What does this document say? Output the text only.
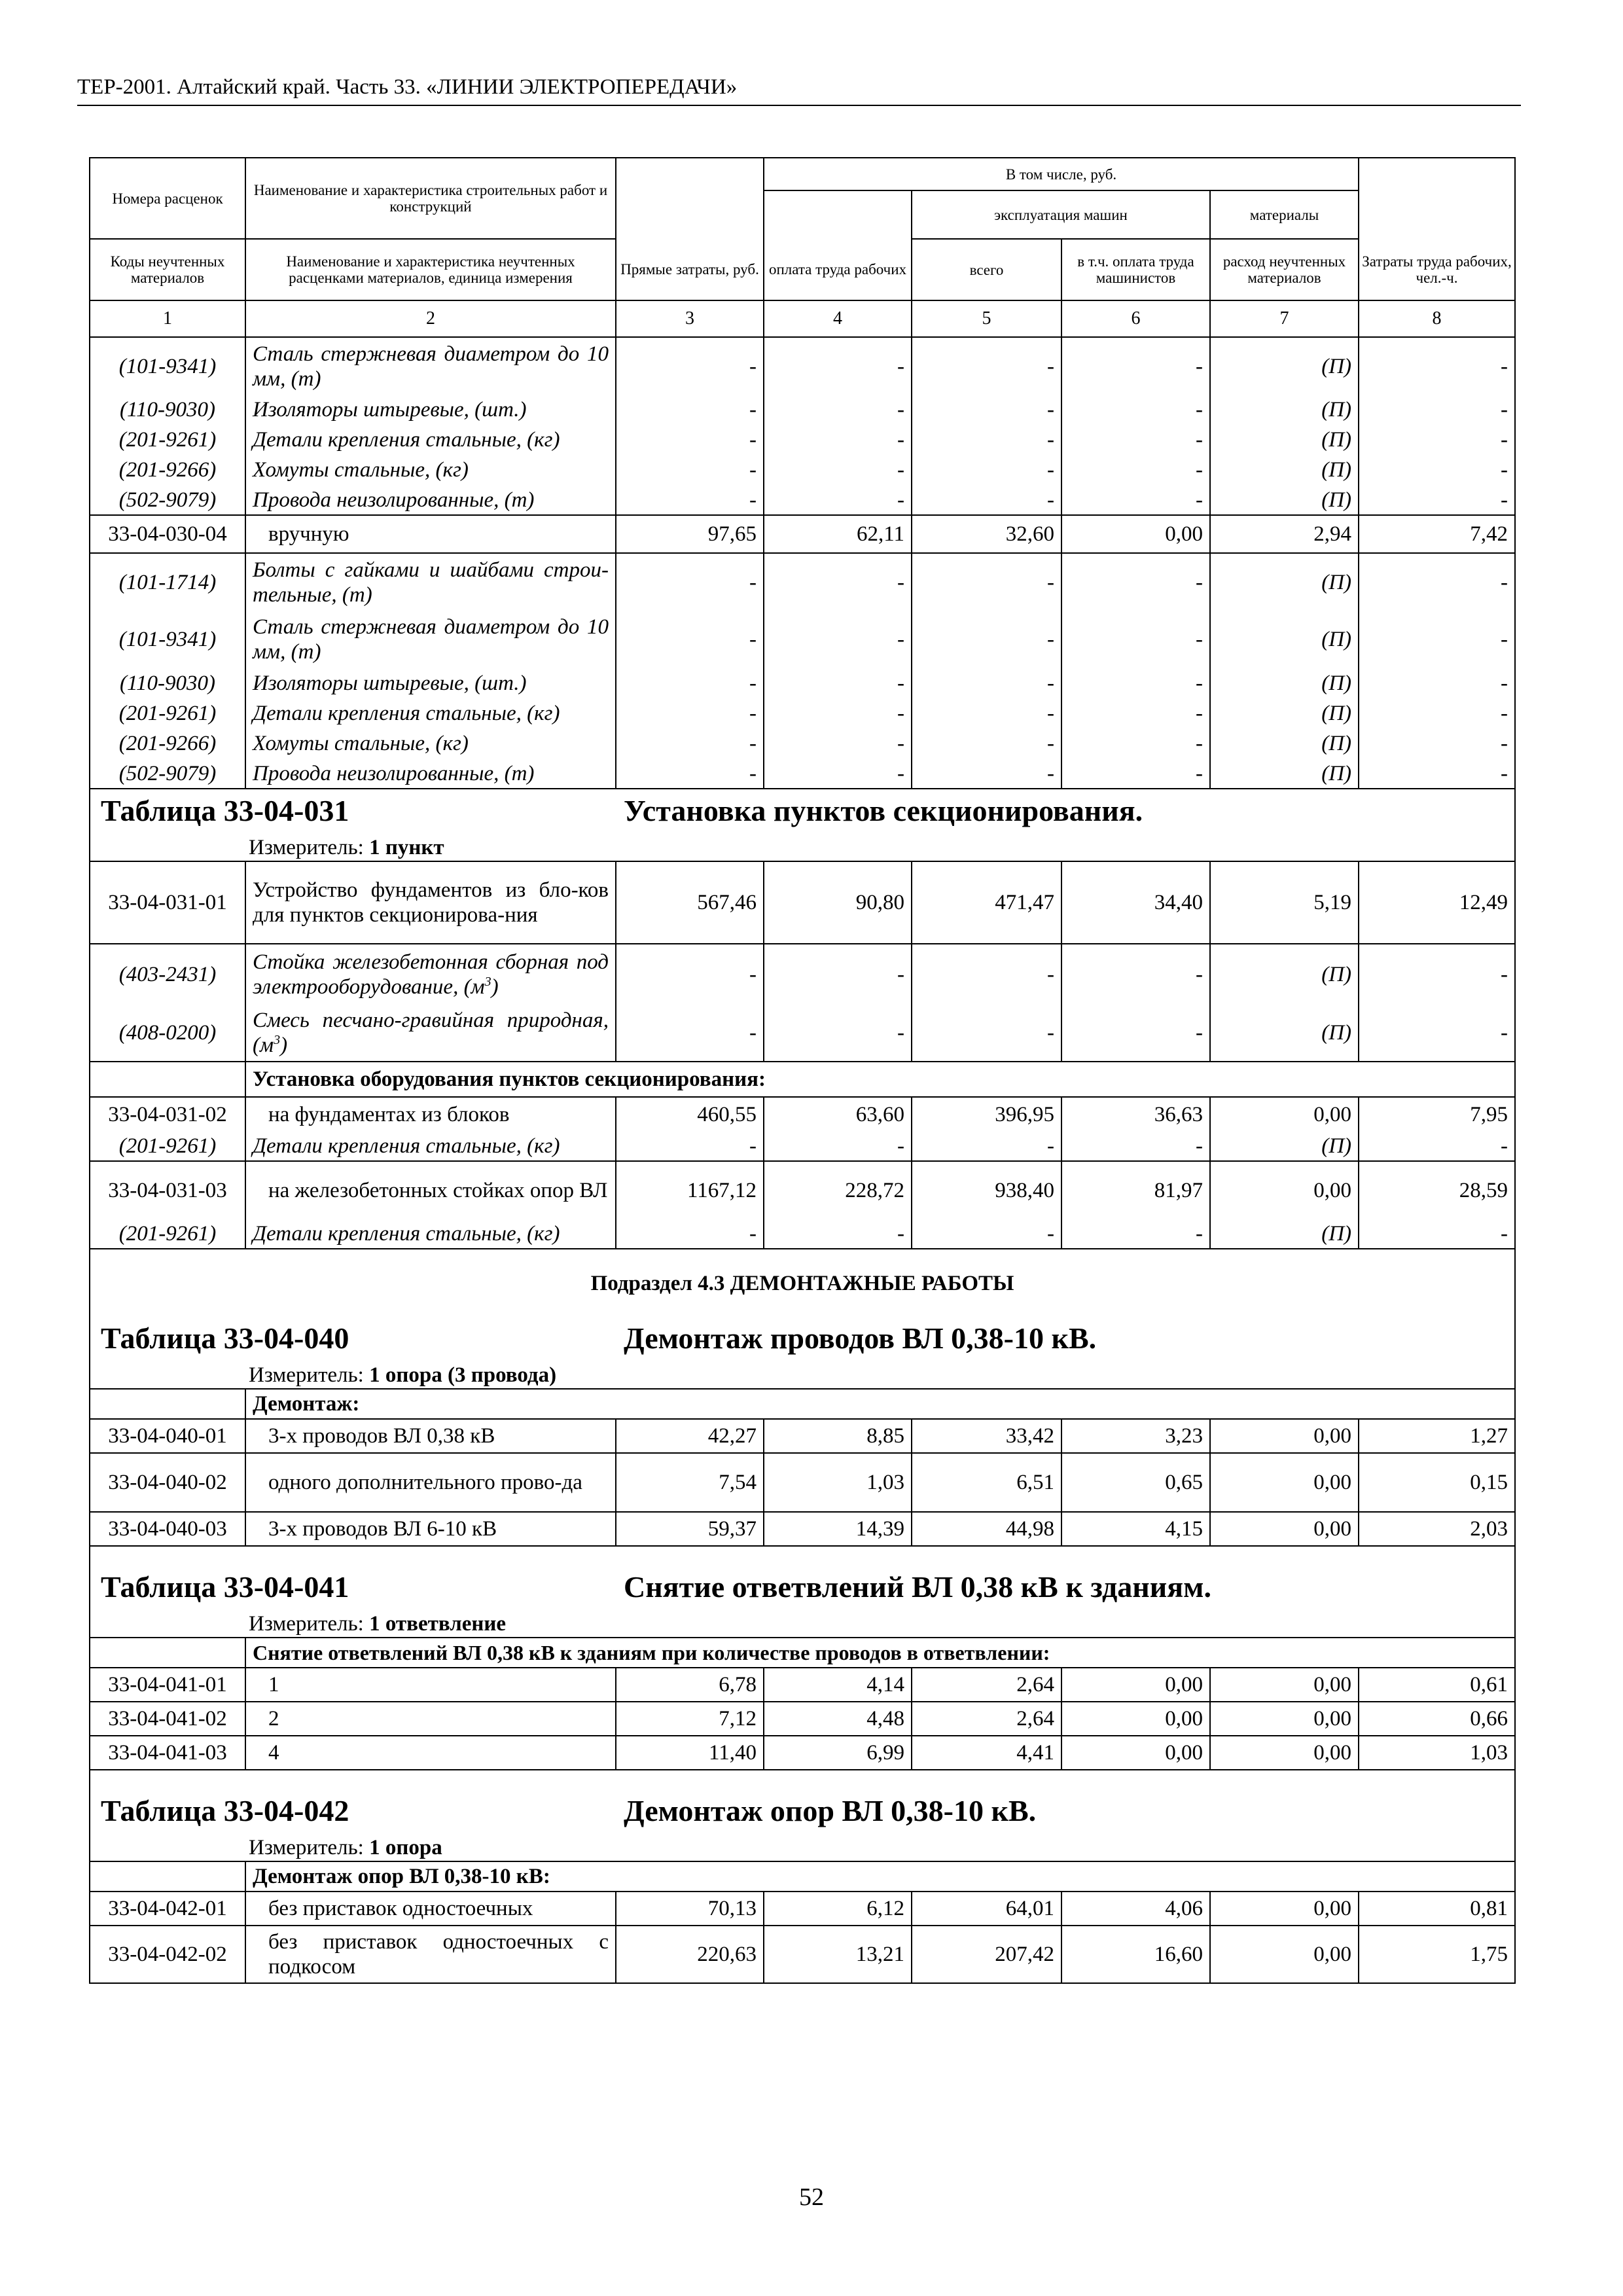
ТЕР-2001. Алтайский край. Часть 33. «ЛИНИИ ЭЛЕКТРОПЕРЕДАЧИ»
Номера расценок	Наименование и характеристика строительных работ и конструкций		В том числе, руб.				
				эксплуатация машин		материалы	
Коды неучтенных материалов	Наименование и характеристика неучтенных расценками материалов, единица измерения	Прямые затраты, руб.	оплата труда рабочих	всего	в т.ч. оплата труда машинистов	расход неучтенных материалов	Затраты труда рабочих, чел.-ч.
1	2	3	4	5	6	7	8
(101-9341)	Сталь стержневая диаметром до 10 мм, (т)	-	-	-	-	(П)	-
(110-9030)	Изоляторы штыревые, (шт.)	-	-	-	-	(П)	-
(201-9261)	Детали крепления стальные, (кг)	-	-	-	-	(П)	-
(201-9266)	Хомуты стальные, (кг)	-	-	-	-	(П)	-
(502-9079)	Провода неизолированные, (т)	-	-	-	-	(П)	-
33-04-030-04	вручную	97,65	62,11	32,60	0,00	2,94	7,42
(101-1714)	Болты с гайками и шайбами строи-тельные, (т)	-	-	-	-	(П)	-
(101-9341)	Сталь стержневая диаметром до 10 мм, (т)	-	-	-	-	(П)	-
(110-9030)	Изоляторы штыревые, (шт.)	-	-	-	-	(П)	-
(201-9261)	Детали крепления стальные, (кг)	-	-	-	-	(П)	-
(201-9266)	Хомуты стальные, (кг)	-	-	-	-	(П)	-
(502-9079)	Провода неизолированные, (т)	-	-	-	-	(П)	-

Таблица 33-04-031 Установка пунктов секционирования.							

Измеритель: 1 пункт							
33-04-031-01	Устройство фундаментов из бло-ков для пунктов секционирова-ния	567,46	90,80	471,47	34,40	5,19	12,49
(403-2431)	Стойка железобетонная сборная под электрооборудование, $(м^3)$	-	-	-	-	(П)	-
(408-0200)	Смесь песчано-гравийная природная, $(м^3)$	-	-	-	-	(П)	-
	Установка оборудования пунктов секционирования:						
33-04-031-02	на фундаментах из блоков	460,55	63,60	396,95	36,63	0,00	7,95
(201-9261)	Детали крепления стальные, (кг)	-	-	-	-	(П)	-
33-04-031-03	на железобетонных стойках опор ВЛ	1167,12	228,72	938,40	81,97	0,00	28,59
(201-9261)	Детали крепления стальные, (кг)	-	-	-	-	(П)	-
Подраздел 4.3 ДЕМОНТАЖНЫЕ РАБОТЫ							

Таблица 33-04-040 Демонтаж проводов ВЛ 0,38-10 кВ.							

Измеритель: 1 опора (3 провода)							
	Демонтаж:						
33-04-040-01	3-х проводов ВЛ 0,38 кВ	42,27	8,85	33,42	3,23	0,00	1,27
33-04-040-02	одного дополнительного прово-да	7,54	1,03	6,51	0,65	0,00	0,15
33-04-040-03	3-х проводов ВЛ 6-10 кВ	59,37	14,39	44,98	4,15	0,00	2,03

Таблица 33-04-041 Снятие ответвлений ВЛ 0,38 кВ к зданиям.							

Измеритель: 1 ответвление							
	Снятие ответвлений ВЛ 0,38 кВ к зданиям при количестве проводов в ответвлении:						
33-04-041-01	1	6,78	4,14	2,64	0,00	0,00	0,61
33-04-041-02	2	7,12	4,48	2,64	0,00	0,00	0,66
33-04-041-03	4	11,40	6,99	4,41	0,00	0,00	1,03

Таблица 33-04-042 Демонтаж опор ВЛ 0,38-10 кВ.							

Измеритель: 1 опора							
	Демонтаж опор ВЛ 0,38-10 кВ:						
33-04-042-01	без приставок одностоечных	70,13	6,12	64,01	4,06	0,00	0,81
33-04-042-02	без приставок одностоечных с подкосом	220,63	13,21	207,42	16,60	0,00	1,75
52
